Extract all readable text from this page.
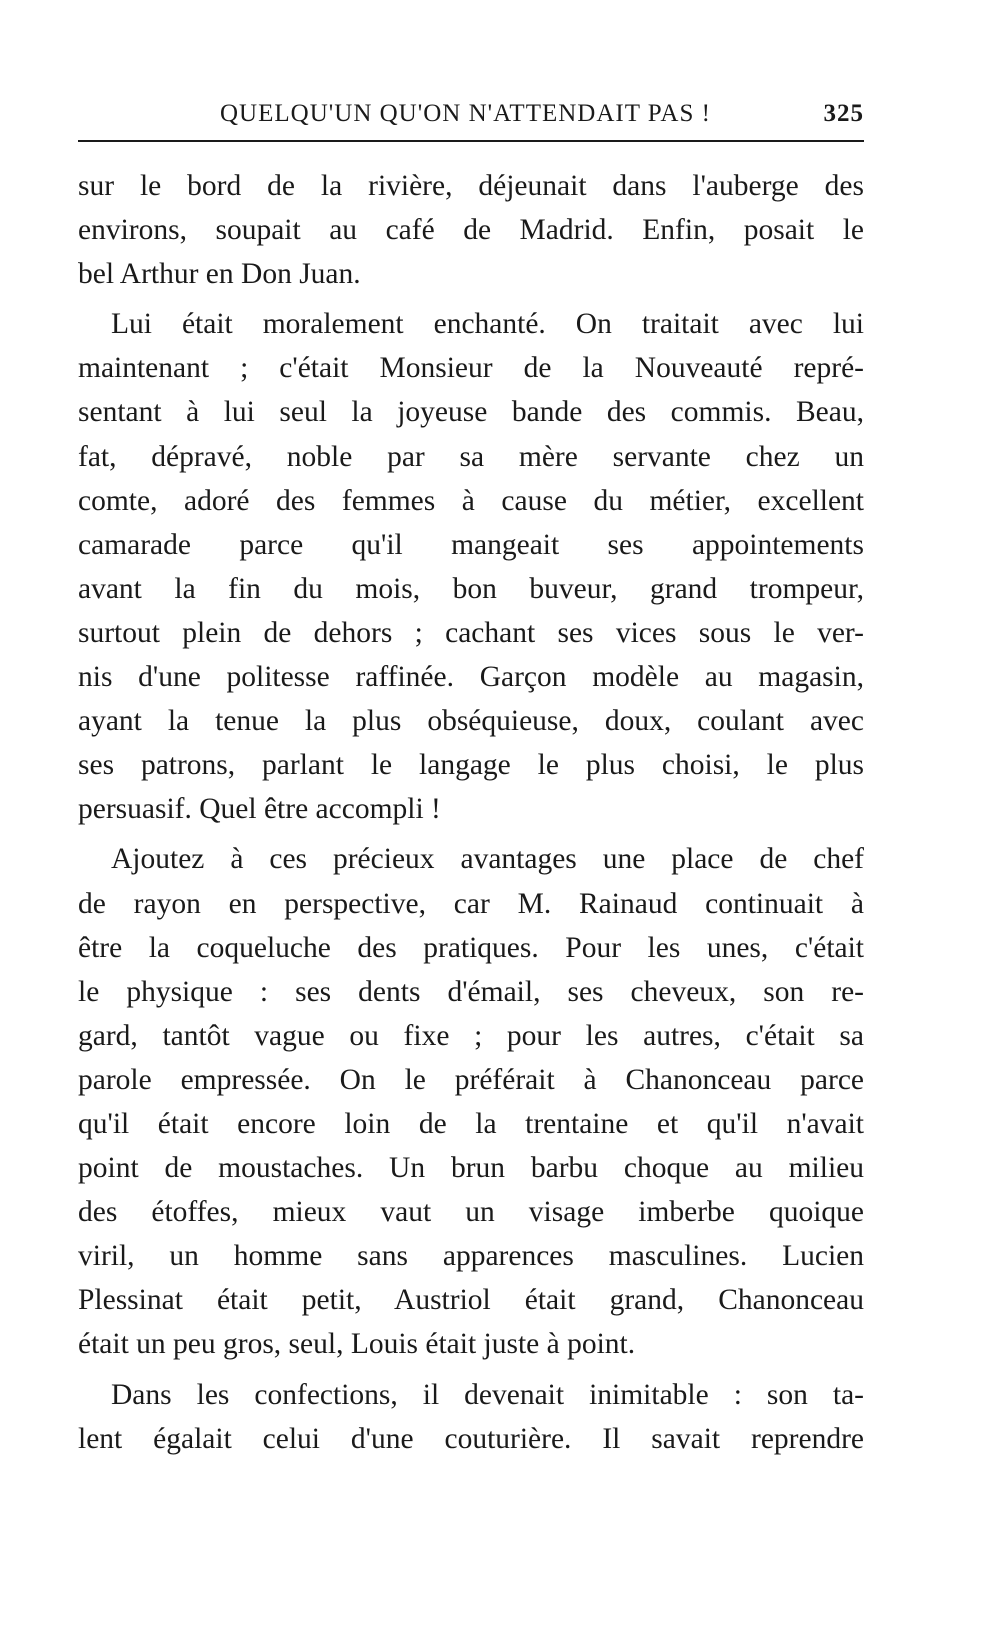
QUELQU'UN QU'ON N'ATTENDAIT PAS !	325
sur le bord de la rivière, déjeunait dans l'auberge des
environs, soupait au café de Madrid. Enfin, posait le
bel Arthur en Don Juan.
Lui était moralement enchanté. On traitait avec lui
maintenant ; c'était Monsieur de la Nouveauté repré-
sentant à lui seul la joyeuse bande des commis. Beau,
fat, dépravé, noble par sa mère servante chez un
comte, adoré des femmes à cause du métier, excellent
camarade parce qu'il mangeait ses appointements
avant la fin du mois, bon buveur, grand trompeur,
surtout plein de dehors ; cachant ses vices sous le ver-
nis d'une politesse raffinée. Garçon modèle au magasin,
ayant la tenue la plus obséquieuse, doux, coulant avec
ses patrons, parlant le langage le plus choisi, le plus
persuasif. Quel être accompli !
Ajoutez à ces précieux avantages une place de chef
de rayon en perspective, car M. Rainaud continuait à
être la coqueluche des pratiques. Pour les unes, c'était
le physique : ses dents d'émail, ses cheveux, son re-
gard, tantôt vague ou fixe ; pour les autres, c'était sa
parole empressée. On le préférait à Chanonceau parce
qu'il était encore loin de la trentaine et qu'il n'avait
point de moustaches. Un brun barbu choque au milieu
des étoffes, mieux vaut un visage imberbe quoique
viril, un homme sans apparences masculines. Lucien
Plessinat était petit, Austriol était grand, Chanonceau
était un peu gros, seul, Louis était juste à point.
Dans les confections, il devenait inimitable : son ta-
lent égalait celui d'une couturière. Il savait reprendre
